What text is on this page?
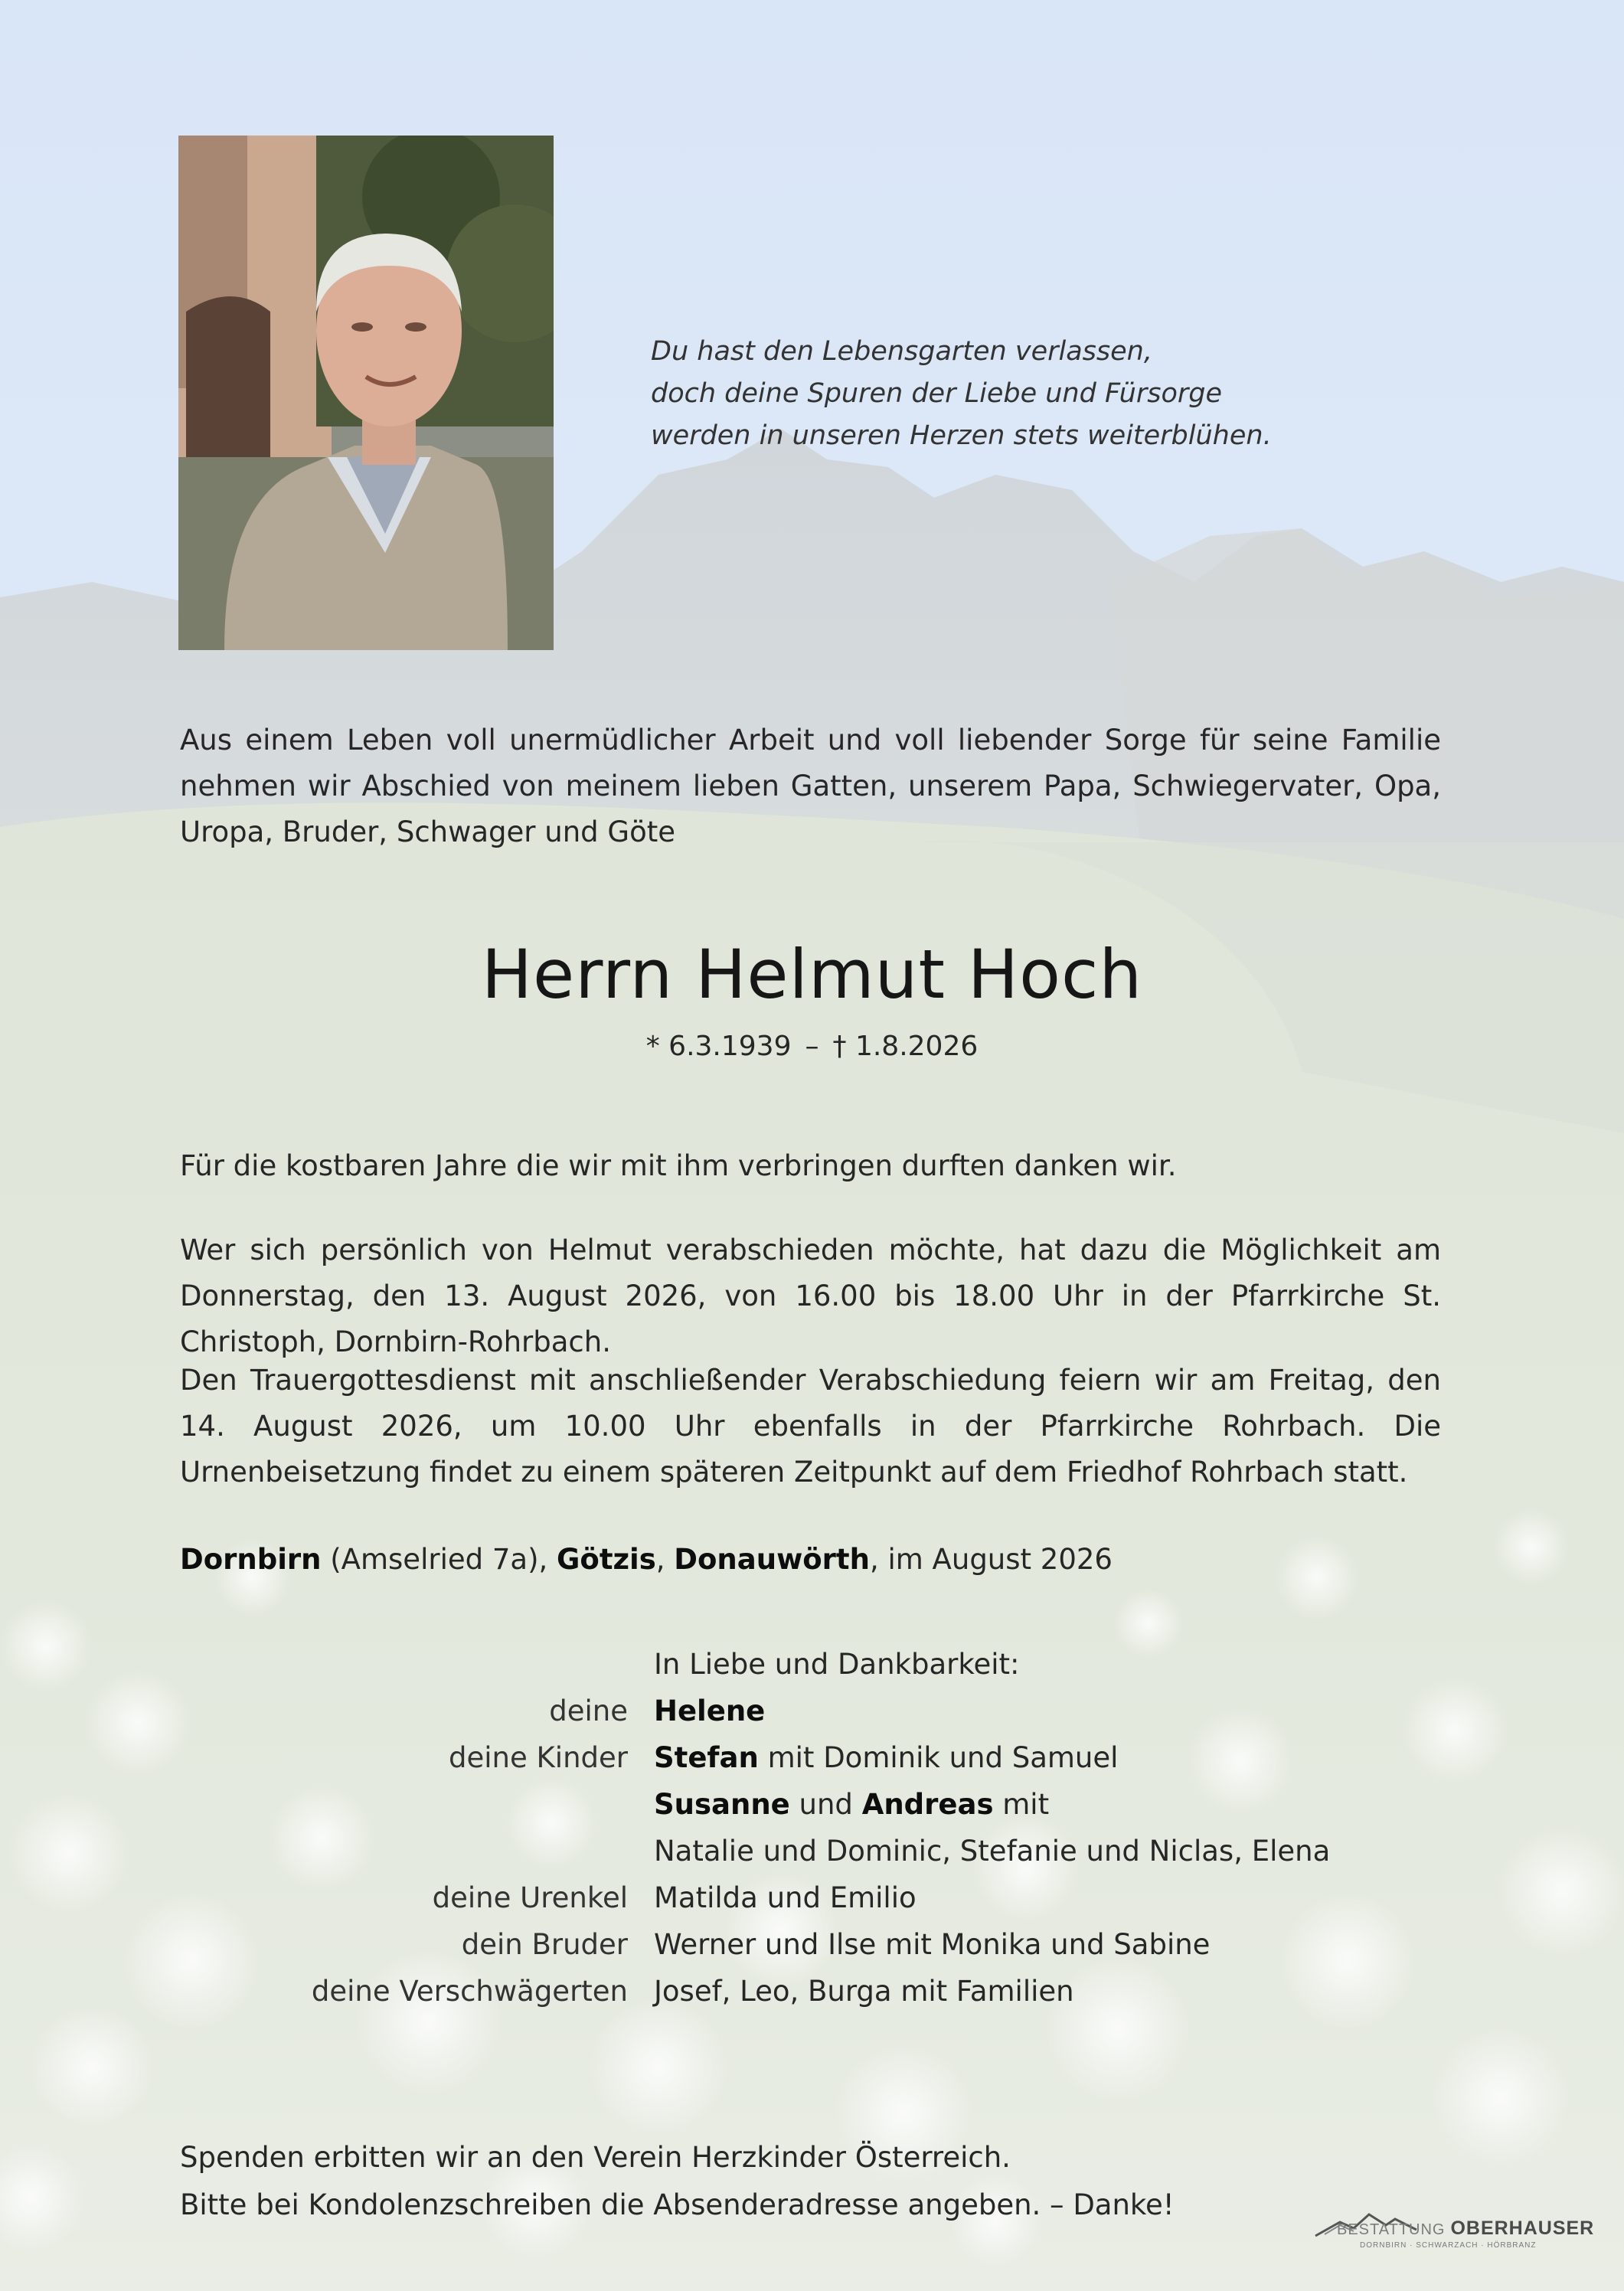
Du hast den Lebensgarten verlassen,
doch deine Spuren der Liebe und Fürsorge
werden in unseren Herzen stets weiterblühen.
Aus einem Leben voll unermüdlicher Arbeit und voll liebender Sorge für seine Familie nehmen wir Abschied von meinem lieben Gatten, unserem Papa, Schwiegervater, Opa, Uropa, Bruder, Schwager und Göte
Herrn Helmut Hoch
* 6.3.1939 – † 1.8.2026
Für die kostbaren Jahre die wir mit ihm verbringen durften danken wir.
Wer sich persönlich von Helmut verabschieden möchte, hat dazu die Möglichkeit am Donnerstag, den 13. August 2026, von 16.00 bis 18.00 Uhr in der Pfarrkirche St. Christoph, Dornbirn-Rohrbach.
Den Trauergottesdienst mit anschließender Verabschiedung feiern wir am Freitag, den 14. August 2026, um 10.00 Uhr ebenfalls in der Pfarrkirche Rohrbach. Die Urnenbeisetzung findet zu einem späteren Zeitpunkt auf dem Friedhof Rohrbach statt.
Dornbirn (Amselried 7a), Götzis, Donauwörth, im August 2026
In Liebe und Dankbarkeit:
deine Helene
deine Kinder Stefan mit Dominik und Samuel
Susanne und Andreas mit
Natalie und Dominic, Stefanie und Niclas, Elena
deine Urenkel Matilda und Emilio
dein Bruder Werner und Ilse mit Monika und Sabine
deine Verschwägerten Josef, Leo, Burga mit Familien
Spenden erbitten wir an den Verein Herzkinder Österreich.
Bitte bei Kondolenzschreiben die Absenderadresse angeben. – Danke!
BESTATTUNG OBERHAUSER
DORNBIRN · SCHWARZACH · HÖRBRANZ
